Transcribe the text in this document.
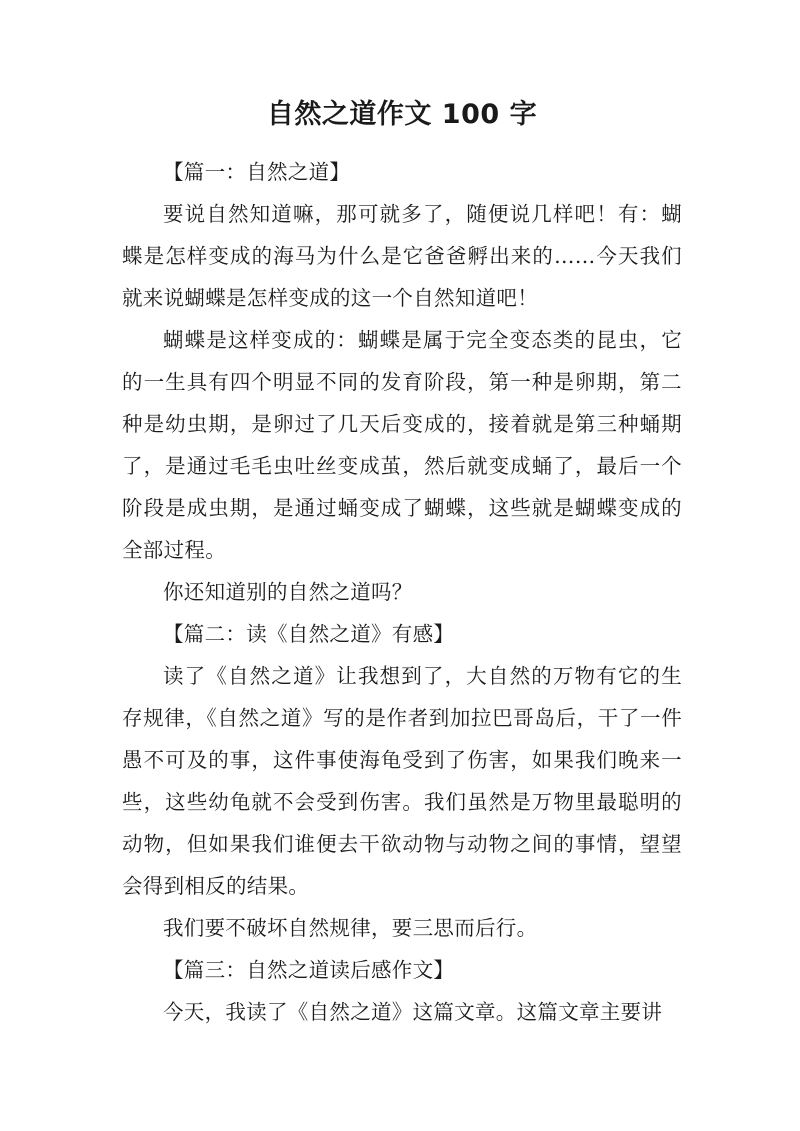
自然之道作文 100 字

【篇一：自然之道】

要说自然知道嘛，那可就多了，随便说几样吧！有：蝴蝶是怎样变成的海马为什么是它爸爸孵出来的……今天我们就来说蝴蝶是怎样变成的这一个自然知道吧！

蝴蝶是这样变成的：蝴蝶是属于完全变态类的昆虫，它的一生具有四个明显不同的发育阶段，第一种是卵期，第二种是幼虫期，是卵过了几天后变成的，接着就是第三种蛹期了，是通过毛毛虫吐丝变成茧，然后就变成蛹了，最后一个阶段是成虫期，是通过蛹变成了蝴蝶，这些就是蝴蝶变成的全部过程。

你还知道别的自然之道吗？

【篇二：读《自然之道》有感】

读了《自然之道》让我想到了，大自然的万物有它的生存规律，《自然之道》写的是作者到加拉巴哥岛后，干了一件愚不可及的事，这件事使海龟受到了伤害，如果我们晚来一些，这些幼龟就不会受到伤害。我们虽然是万物里最聪明的动物，但如果我们谁便去干欲动物与动物之间的事情，望望会得到相反的结果。

我们要不破坏自然规律，要三思而后行。

【篇三：自然之道读后感作文】

今天，我读了《自然之道》这篇文章。这篇文章主要讲
